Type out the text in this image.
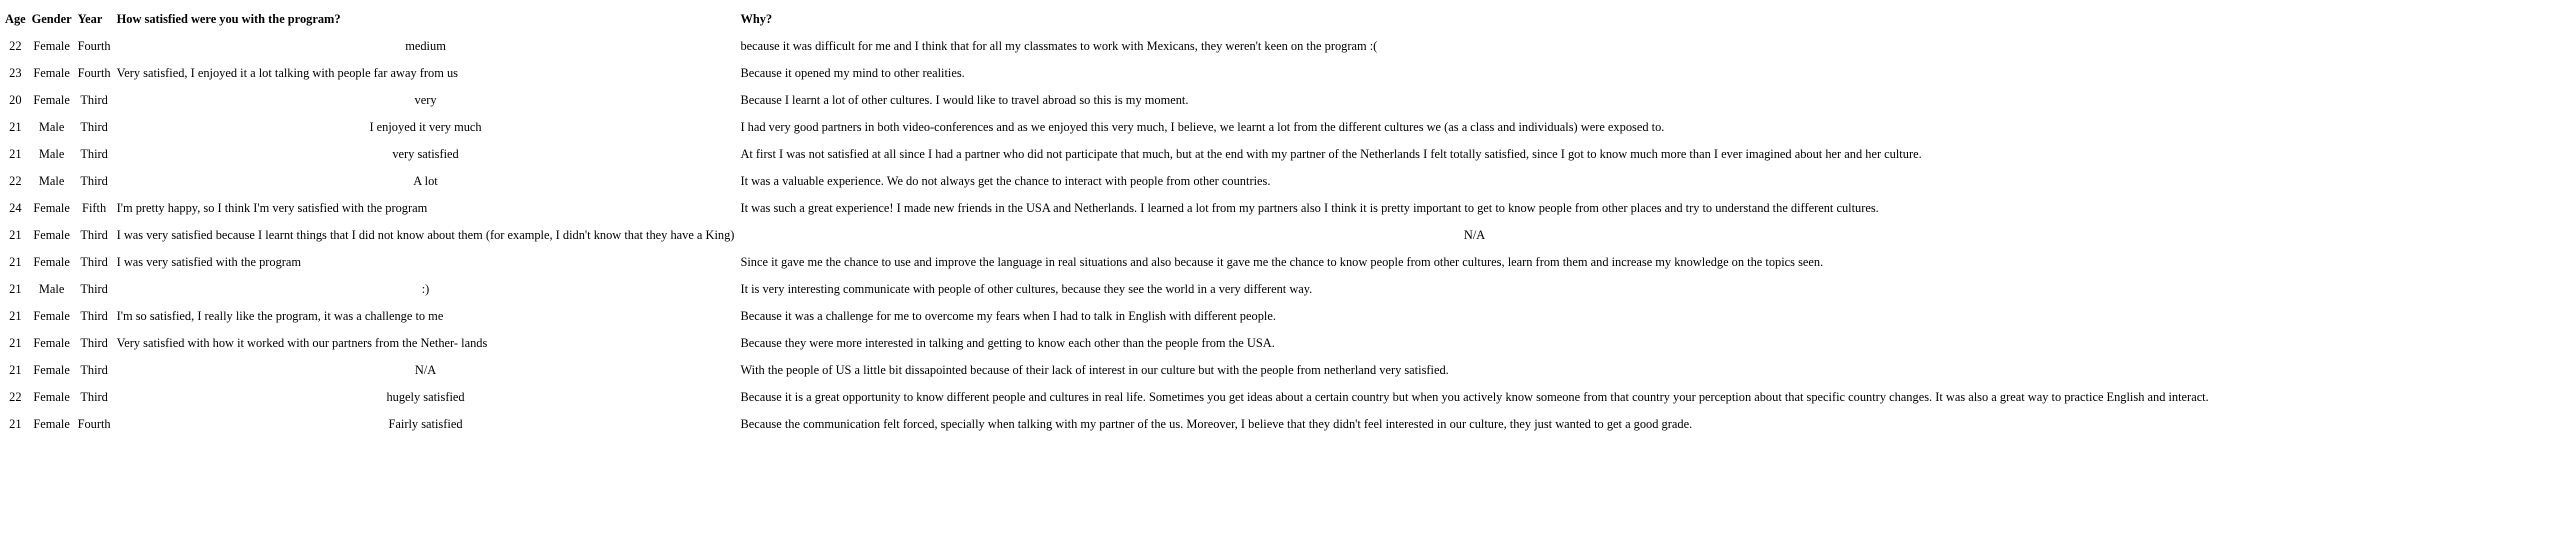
Age	Gender	Year	How satisfied were you with the program?	Why?
22	Female	Fourth	medium	because it was difficult for me and I think that for all my classmates to work with Mexicans, they weren't keen on the program :(
23	Female	Fourth	Very satisfied, I enjoyed it a lot talking with people far away from us	Because it opened my mind to other realities.
20	Female	Third	very	Because I learnt a lot of other cultures. I would like to travel abroad so this is my moment.
21	Male	Third	I enjoyed it very much	I had very good partners in both video-conferences and as we enjoyed this very much, I believe, we learnt a lot from the different cultures we (as a class and individuals) were exposed to.
21	Male	Third	very satisfied	At first I was not satisfied at all since I had a partner who did not participate that much, but at the end with my partner of the Netherlands I felt totally satisfied, since I got to know much more than I ever imagined about her and her culture.
22	Male	Third	A lot	It was a valuable experience. We do not always get the chance to interact with people from other countries.
24	Female	Fifth	I'm pretty happy, so I think I'm very satisfied with the program	It was such a great experience! I made new friends in the USA and Netherlands. I learned a lot from my partners also I think it is pretty important to get to know people from other places and try to understand the different cultures.
21	Female	Third	I was very satisfied because I learnt things that I did not know about them (for example, I didn't know that they have a King)	N/A
21	Female	Third	I was very satisfied with the program	Since it gave me the chance to use and improve the language in real situations and also because it gave me the chance to know people from other cultures, learn from them and increase my knowledge on the topics seen.
21	Male	Third	:)	It is very interesting communicate with people of other cultures, because they see the world in a very different way.
21	Female	Third	I'm so satisfied, I really like the program, it was a challenge to me	Because it was a challenge for me to overcome my fears when I had to talk in English with different people.
21	Female	Third	Very satisfied with how it worked with our partners from the Nether- lands	Because they were more interested in talking and getting to know each other than the people from the USA.
21	Female	Third	N/A	With the people of US a little bit dissapointed because of their lack of interest in our culture but with the people from netherland very satisfied.
22	Female	Third	hugely satisfied	Because it is a great opportunity to know different people and cultures in real life. Sometimes you get ideas about a certain country but when you actively know someone from that country your perception about that specific country changes. It was also a great way to practice English and interact.
21	Female	Fourth	Fairly satisfied	Because the communication felt forced, specially when talking with my partner of the us. Moreover, I believe that they didn't feel interested in our culture, they just wanted to get a good grade.
